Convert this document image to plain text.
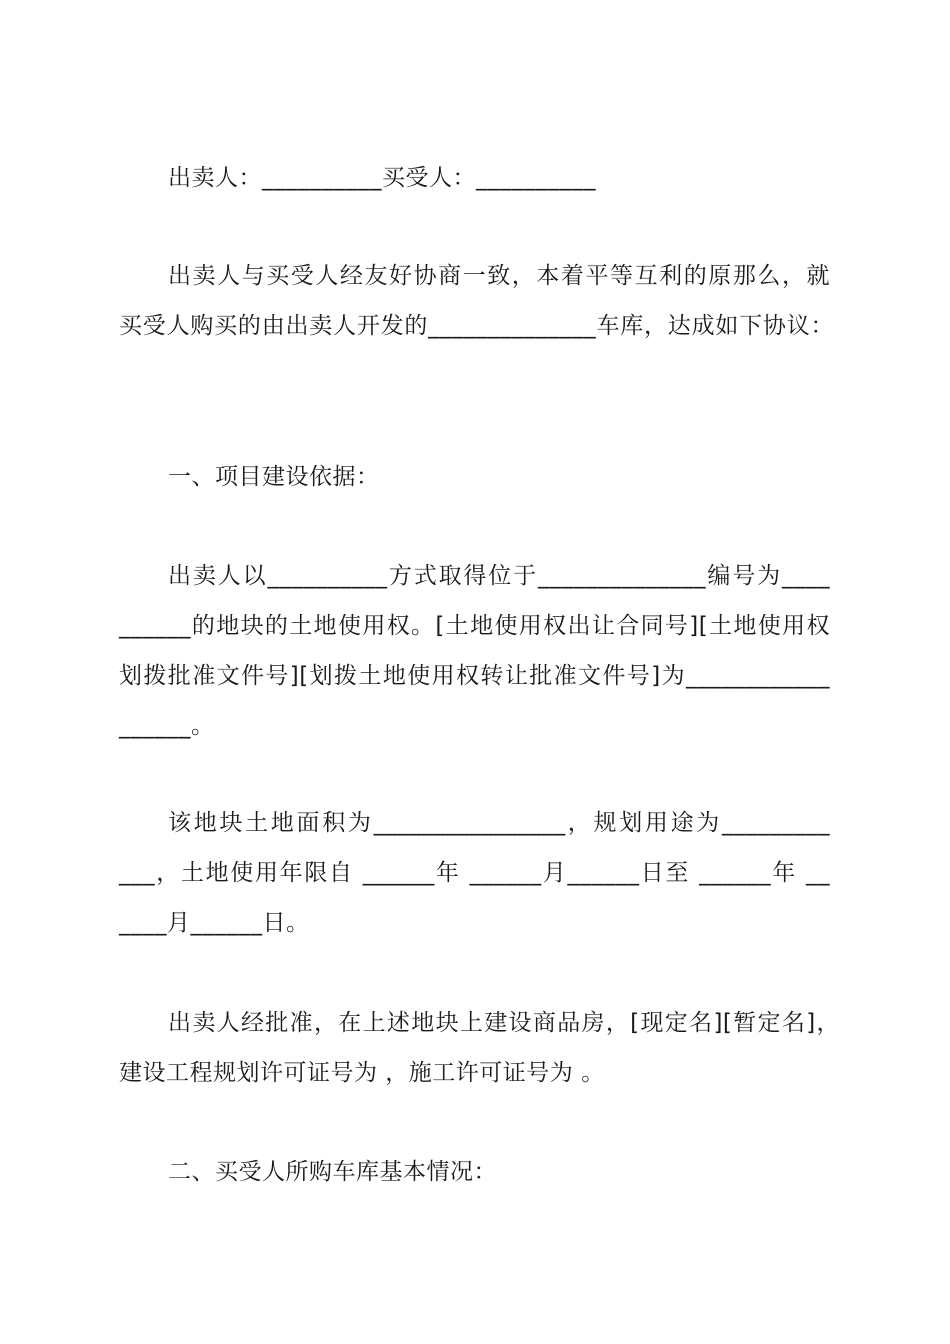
出卖人：__________买受人：__________
出卖人与买受人经友好协商一致，本着平等互利的原那么，就
买受人购买的由出卖人开发的______________车库，达成如下协议：
一、项目建设依据：
出卖人以__________方式取得位于______________编号为____
______的地块的土地使用权。[土地使用权出让合同号][土地使用权
划拨批准文件号][划拨土地使用权转让批准文件号]为____________
______。
该地块土地面积为________________，规划用途为_________
___，土地使用年限自 ______年 ______月______日至 ______年 __
____月______日。
出卖人经批准，在上述地块上建设商品房，[现定名][暂定名]，
建设工程规划许可证号为 ，施工许可证号为 。
二、买受人所购车库基本情况：
